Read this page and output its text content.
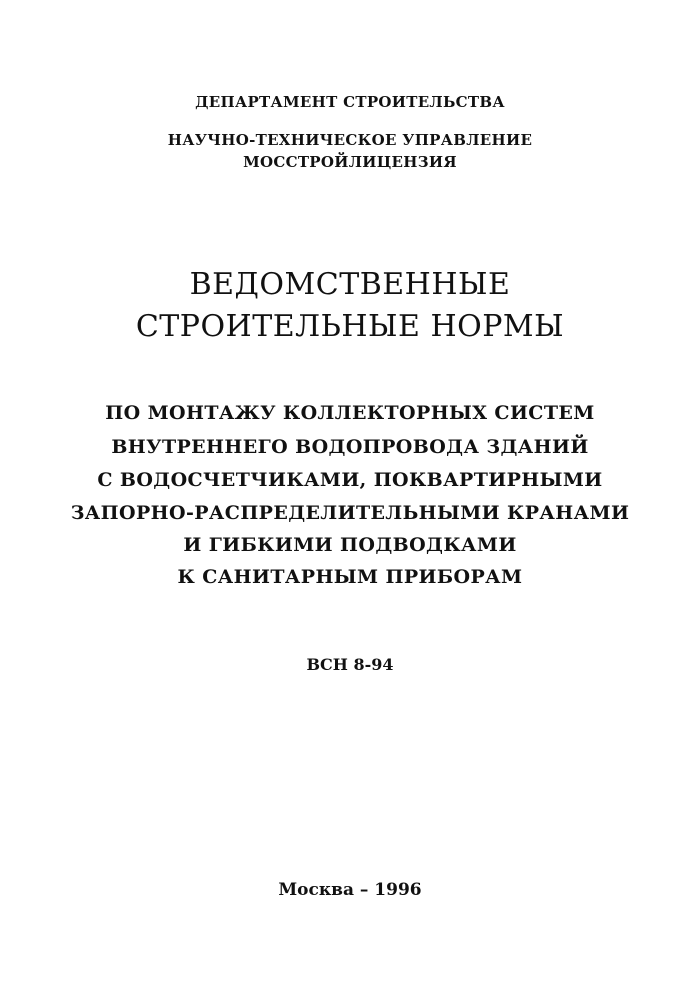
ДЕПАРТАМЕНТ СТРОИТЕЛЬСТВА
НАУЧНО-ТЕХНИЧЕСКОЕ УПРАВЛЕНИЕ
МОССТРОЙЛИЦЕНЗИЯ
ВЕДОМСТВЕННЫЕ
СТРОИТЕЛЬНЫЕ НОРМЫ
ПО МОНТАЖУ КОЛЛЕКТОРНЫХ СИСТЕМ
ВНУТРЕННЕГО ВОДОПРОВОДА ЗДАНИЙ
С ВОДОСЧЕТЧИКАМИ, ПОКВАРТИРНЫМИ
ЗАПОРНО-РАСПРЕДЕЛИТЕЛЬНЫМИ КРАНАМИ
И ГИБКИМИ ПОДВОДКАМИ
К САНИТАРНЫМ ПРИБОРАМ
ВСН 8-94
Москва – 1996
